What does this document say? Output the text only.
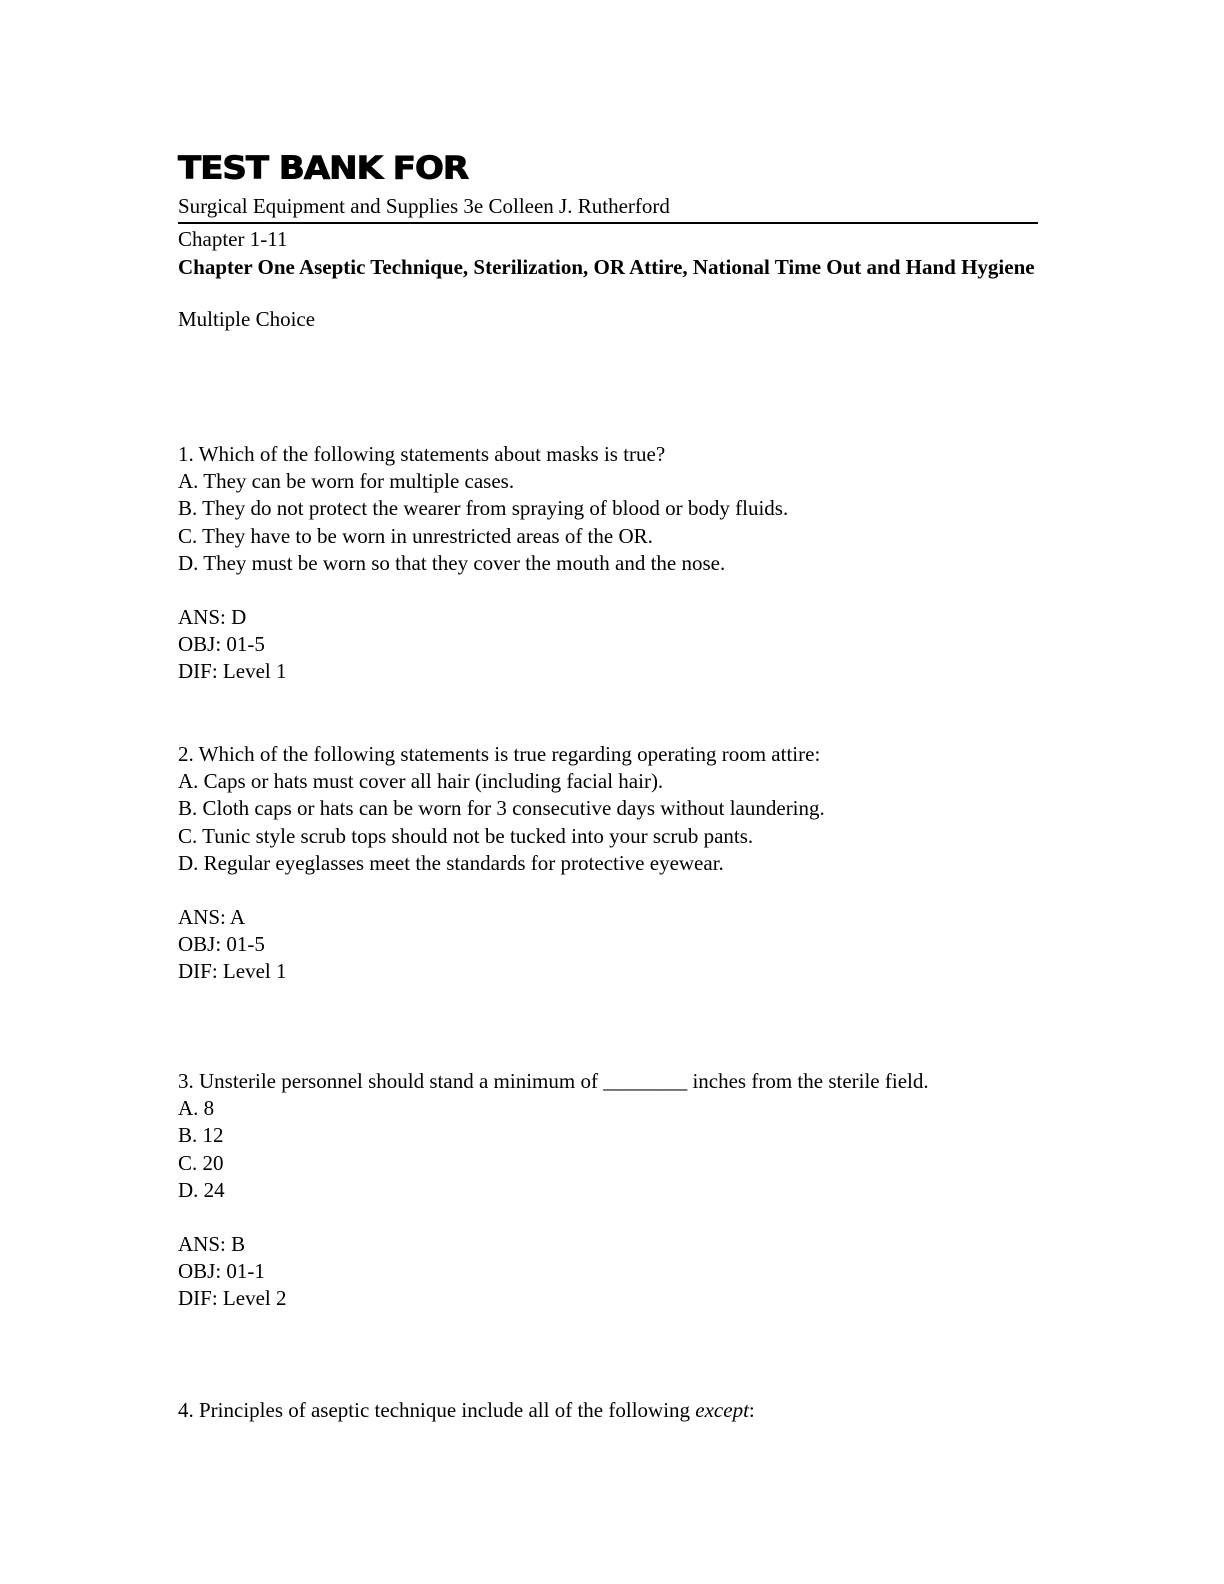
TEST BANK FOR
Surgical Equipment and Supplies 3e Colleen J. Rutherford
Chapter 1-11
Chapter One Aseptic Technique, Sterilization, OR Attire, National Time Out and Hand Hygiene
Multiple Choice
1. Which of the following statements about masks is true?
A. They can be worn for multiple cases.
B. They do not protect the wearer from spraying of blood or body fluids.
C. They have to be worn in unrestricted areas of the OR.
D. They must be worn so that they cover the mouth and the nose.
ANS: D
OBJ: 01-5
DIF: Level 1
2. Which of the following statements is true regarding operating room attire:
A. Caps or hats must cover all hair (including facial hair).
B. Cloth caps or hats can be worn for 3 consecutive days without laundering.
C. Tunic style scrub tops should not be tucked into your scrub pants.
D. Regular eyeglasses meet the standards for protective eyewear.
ANS: A
OBJ: 01-5
DIF: Level 1
3. Unsterile personnel should stand a minimum of ________ inches from the sterile field.
A. 8
B. 12
C. 20
D. 24
ANS: B
OBJ: 01-1
DIF: Level 2
4. Principles of aseptic technique include all of the following except:
